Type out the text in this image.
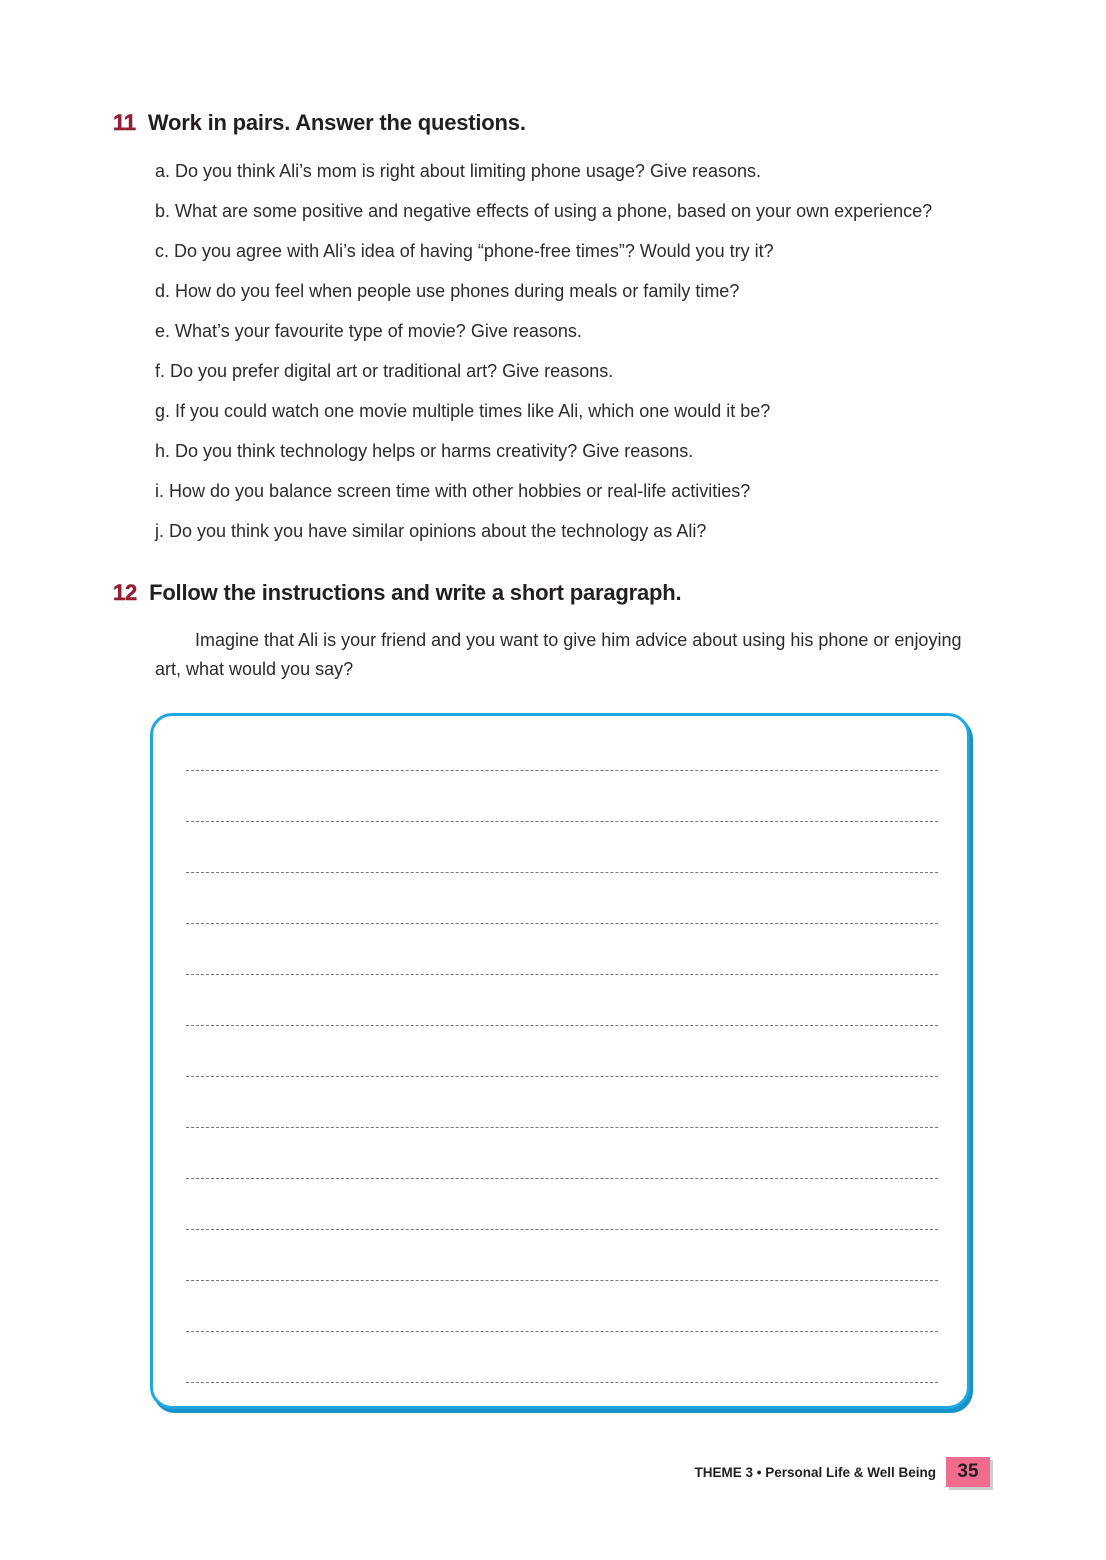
11 Work in pairs. Answer the questions.
a. Do you think Ali’s mom is right about limiting phone usage? Give reasons.
b. What are some positive and negative effects of using a phone, based on your own experience?
c. Do you agree with Ali’s idea of having “phone-free times”? Would you try it?
d. How do you feel when people use phones during meals or family time?
e. What’s your favourite type of movie? Give reasons.
f. Do you prefer digital art or traditional art? Give reasons.
g. If you could watch one movie multiple times like Ali, which one would it be?
h. Do you think technology helps or harms creativity? Give reasons.
i. How do you balance screen time with other hobbies or real-life activities?
j. Do you think you have similar opinions about the technology as Ali?
12 Follow the instructions and write a short paragraph.

Imagine that Ali is your friend and you want to give him advice about using his phone or enjoying art, what would you say?

THEME 3 • Personal Life & Well Being	35
